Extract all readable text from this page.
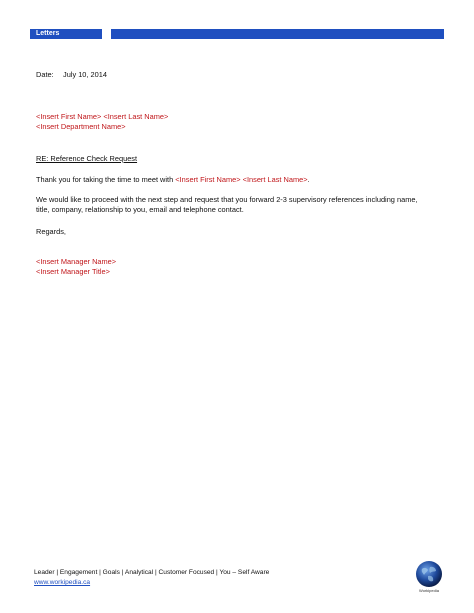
Letters
Date: July 10, 2014
<Insert First Name> <Insert Last Name>
<Insert Department Name>
RE: Reference Check Request
Thank you for taking the time to meet with <Insert First Name> <Insert Last Name>.
We would like to proceed with the next step and request that you forward 2-3 supervisory references including name,
title, company, relationship to you, email and telephone contact.
Regards,
<Insert Manager Name>
<Insert Manager Title>
Leader | Engagement | Goals | Analytical | Customer Focused | You – Self Aware
www.workipedia.ca
Workipedia
